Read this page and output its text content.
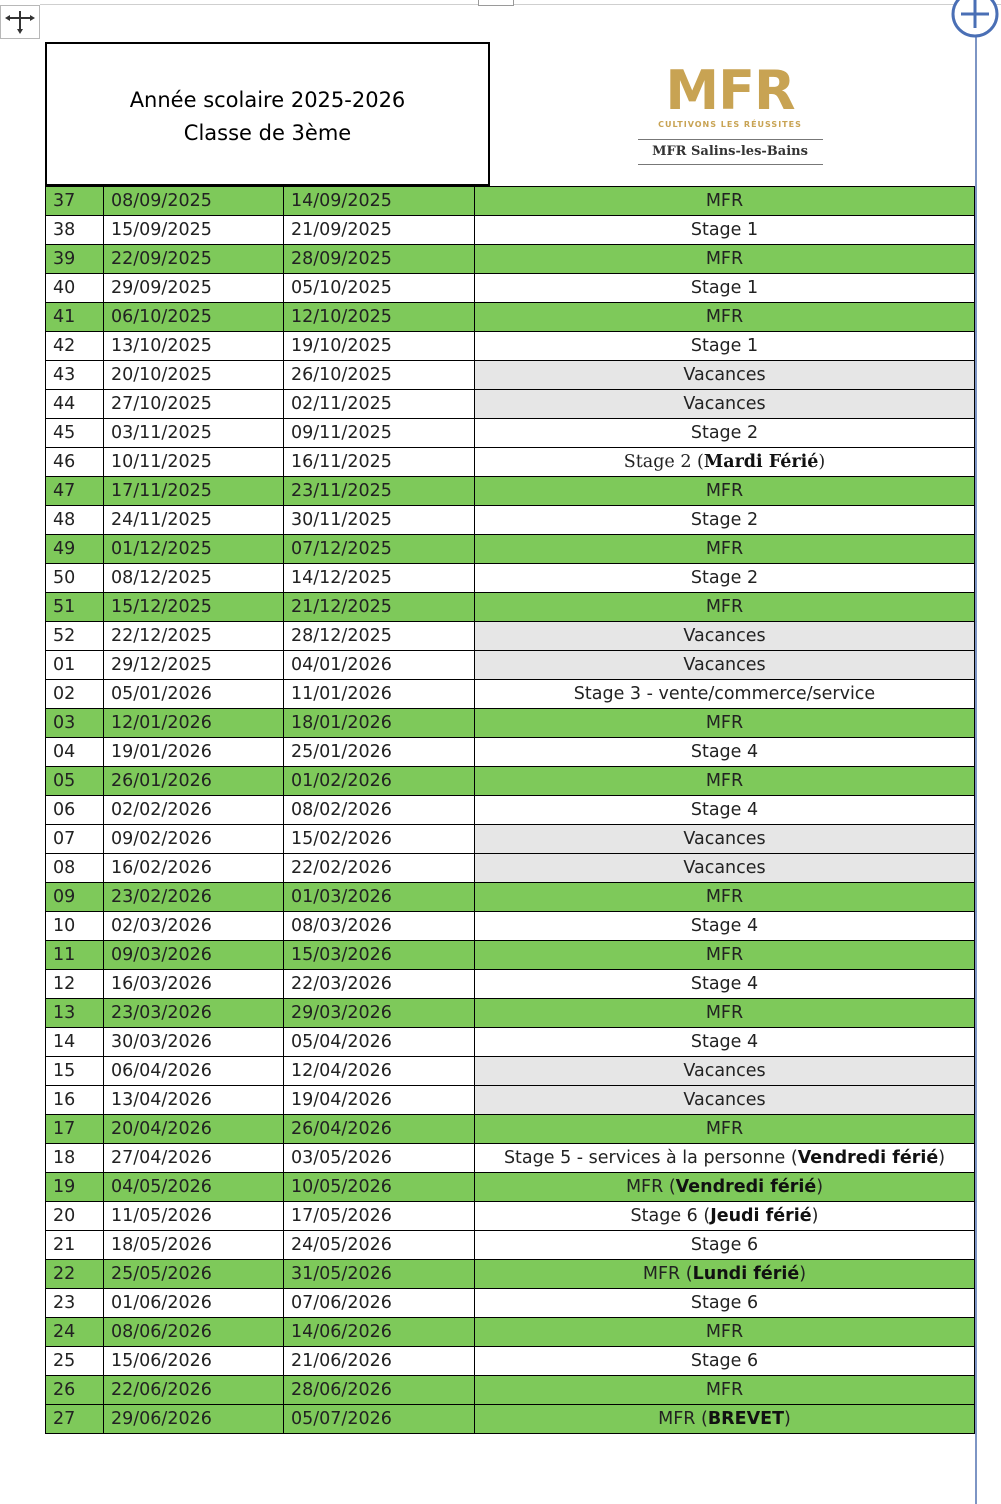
Année scolaire 2025-2026
Classe de 3ème
MFR
CULTIVONS LES RÉUSSITES
MFR Salins-les-Bains
37	08/09/2025	14/09/2025	MFR
38	15/09/2025	21/09/2025	Stage 1
39	22/09/2025	28/09/2025	MFR
40	29/09/2025	05/10/2025	Stage 1
41	06/10/2025	12/10/2025	MFR
42	13/10/2025	19/10/2025	Stage 1
43	20/10/2025	26/10/2025	Vacances
44	27/10/2025	02/11/2025	Vacances
45	03/11/2025	09/11/2025	Stage 2
46	10/11/2025	16/11/2025	Stage 2 (Mardi Férié)
47	17/11/2025	23/11/2025	MFR
48	24/11/2025	30/11/2025	Stage 2
49	01/12/2025	07/12/2025	MFR
50	08/12/2025	14/12/2025	Stage 2
51	15/12/2025	21/12/2025	MFR
52	22/12/2025	28/12/2025	Vacances
01	29/12/2025	04/01/2026	Vacances
02	05/01/2026	11/01/2026	Stage 3 - vente/commerce/service
03	12/01/2026	18/01/2026	MFR
04	19/01/2026	25/01/2026	Stage 4
05	26/01/2026	01/02/2026	MFR
06	02/02/2026	08/02/2026	Stage 4
07	09/02/2026	15/02/2026	Vacances
08	16/02/2026	22/02/2026	Vacances
09	23/02/2026	01/03/2026	MFR
10	02/03/2026	08/03/2026	Stage 4
11	09/03/2026	15/03/2026	MFR
12	16/03/2026	22/03/2026	Stage 4
13	23/03/2026	29/03/2026	MFR
14	30/03/2026	05/04/2026	Stage 4
15	06/04/2026	12/04/2026	Vacances
16	13/04/2026	19/04/2026	Vacances
17	20/04/2026	26/04/2026	MFR
18	27/04/2026	03/05/2026	Stage 5 - services à la personne (Vendredi férié)
19	04/05/2026	10/05/2026	MFR (Vendredi férié)
20	11/05/2026	17/05/2026	Stage 6 (Jeudi férié)
21	18/05/2026	24/05/2026	Stage 6
22	25/05/2026	31/05/2026	MFR (Lundi férié)
23	01/06/2026	07/06/2026	Stage 6
24	08/06/2026	14/06/2026	MFR
25	15/06/2026	21/06/2026	Stage 6
26	22/06/2026	28/06/2026	MFR
27	29/06/2026	05/07/2026	MFR (BREVET)
